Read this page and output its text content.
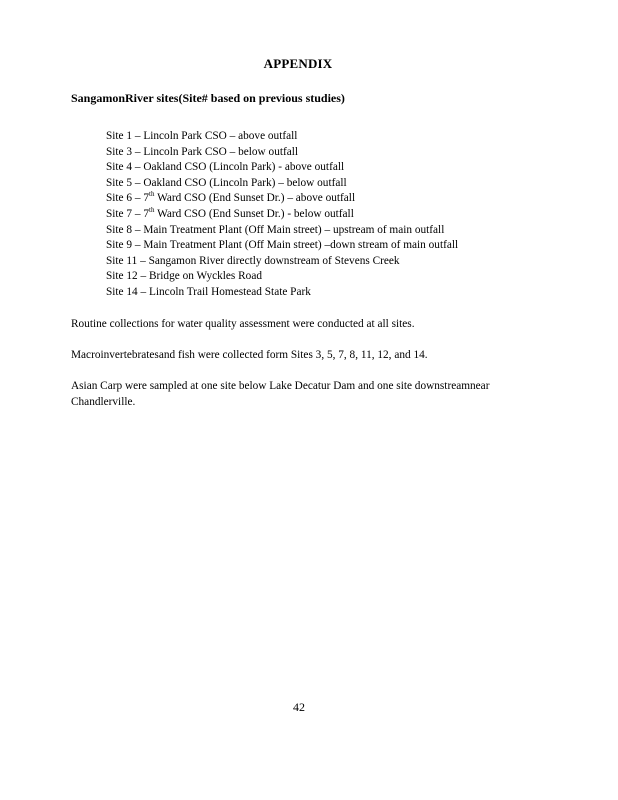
APPENDIX
SangamonRiver sites(Site# based on previous studies)
Site 1 – Lincoln Park CSO – above outfall
Site 3 – Lincoln Park CSO – below outfall
Site 4 – Oakland CSO (Lincoln Park) - above outfall
Site 5 – Oakland CSO (Lincoln Park) – below outfall
Site 6 – 7th Ward CSO (End Sunset Dr.) – above outfall
Site 7 – 7th Ward CSO (End Sunset Dr.) - below outfall
Site 8 – Main Treatment Plant (Off Main street) – upstream of main outfall
Site 9 – Main Treatment Plant (Off Main street) –down stream of main outfall
Site 11 – Sangamon River directly downstream of Stevens Creek
Site 12 – Bridge on Wyckles Road
Site 14 – Lincoln Trail Homestead State Park

Routine collections for water quality assessment were conducted at all sites.

Macroinvertebratesand fish were collected form Sites 3, 5, 7, 8, 11, 12, and 14.

Asian Carp were sampled at one site below Lake Decatur Dam and one site downstreamnear
Chandlerville.

42
